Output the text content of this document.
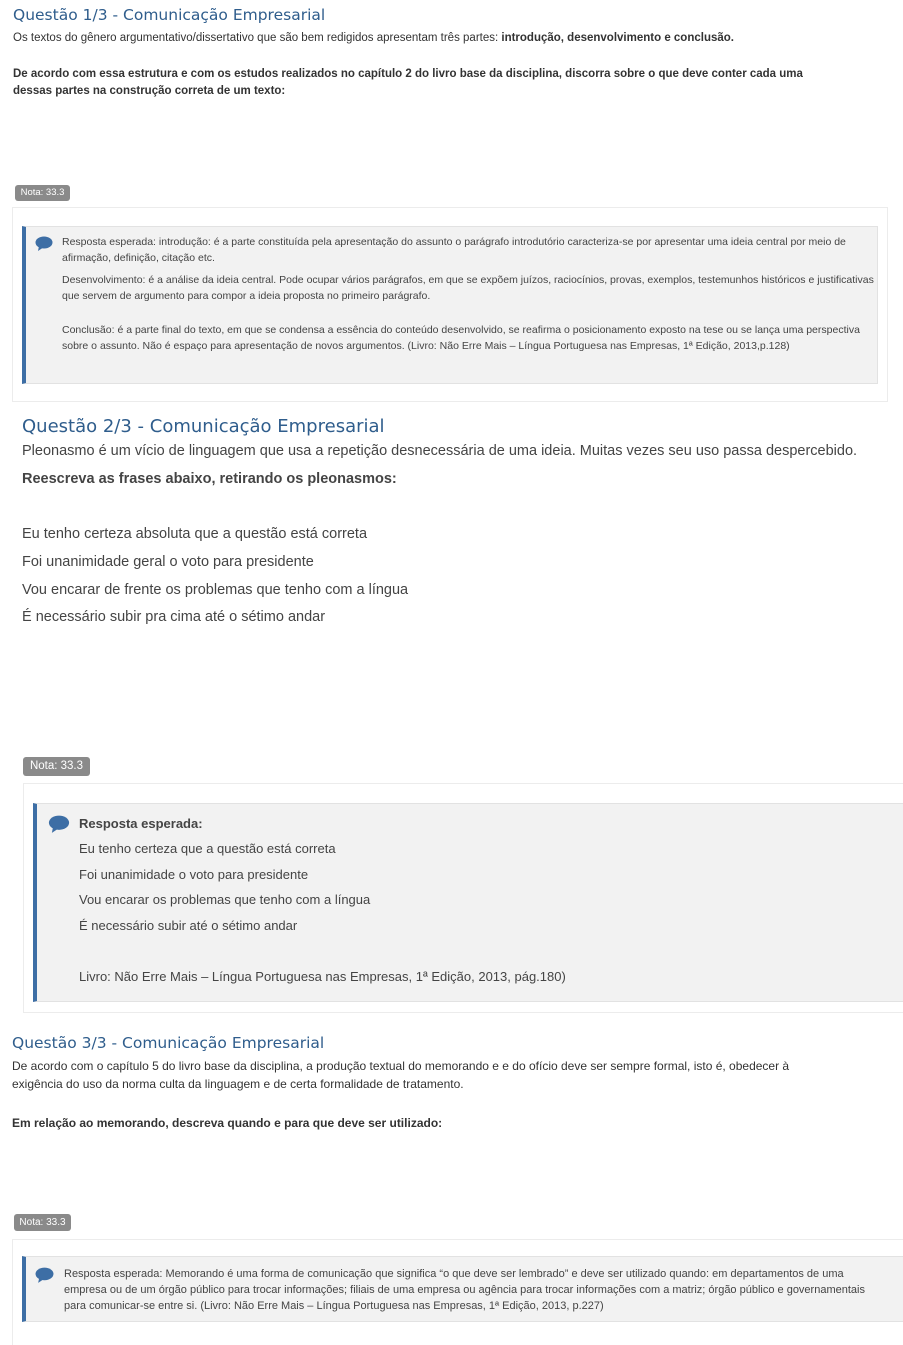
Questão 1/3 - Comunicação Empresarial

Os textos do gênero argumentativo/dissertativo que são bem redigidos apresentam três partes: introdução, desenvolvimento e conclusão.

De acordo com essa estrutura e com os estudos realizados no capítulo 2 do livro base da disciplina, discorra sobre o que deve conter cada uma

dessas partes na construção correta de um texto:

Nota: 33.3

Resposta esperada: introdução: é a parte constituída pela apresentação do assunto o parágrafo introdutório caracteriza-se por apresentar uma ideia central por meio de afirmação, definição, citação etc.

Desenvolvimento: é a análise da ideia central. Pode ocupar vários parágrafos, em que se expõem juízos, raciocínios, provas, exemplos, testemunhos históricos e justificativas que servem de argumento para compor a ideia proposta no primeiro parágrafo.

Conclusão: é a parte final do texto, em que se condensa a essência do conteúdo desenvolvido, se reafirma o posicionamento exposto na tese ou se lança uma perspectiva sobre o assunto. Não é espaço para apresentação de novos argumentos. (Livro: Não Erre Mais – Língua Portuguesa nas Empresas, 1ª Edição, 2013,p.128)

Questão 2/3 - Comunicação Empresarial

Pleonasmo é um vício de linguagem que usa a repetição desnecessária de uma ideia. Muitas vezes seu uso passa despercebido.

Reescreva as frases abaixo, retirando os pleonasmos:

Eu tenho certeza absoluta que a questão está correta

Foi unanimidade geral o voto para presidente

Vou encarar de frente os problemas que tenho com a língua

É necessário subir pra cima até o sétimo andar

Nota: 33.3

Resposta esperada:

Eu tenho certeza que a questão está correta

Foi unanimidade o voto para presidente

Vou encarar os problemas que tenho com a língua

É necessário subir até o sétimo andar

Livro: Não Erre Mais – Língua Portuguesa nas Empresas, 1ª Edição, 2013, pág.180)

Questão 3/3 - Comunicação Empresarial

De acordo com o capítulo 5 do livro base da disciplina, a produção textual do memorando e e do ofício deve ser sempre formal, isto é, obedecer à

exigência do uso da norma culta da linguagem e de certa formalidade de tratamento.

Em relação ao memorando, descreva quando e para que deve ser utilizado:

Nota: 33.3

Resposta esperada: Memorando é uma forma de comunicação que significa “o que deve ser lembrado” e deve ser utilizado quando: em departamentos de uma empresa ou de um órgão público para trocar informações; filiais de uma empresa ou agência para trocar informações com a matriz; órgão público e governamentais para comunicar-se entre si. (Livro: Não Erre Mais – Língua Portuguesa nas Empresas, 1ª Edição, 2013, p.227)
